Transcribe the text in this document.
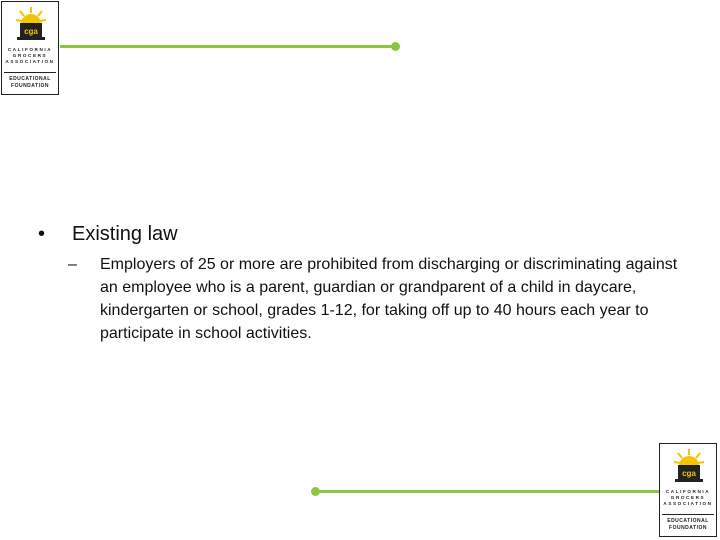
cga
CALIFORNIA
GROCERS
ASSOCIATION
EDUCATIONAL
FOUNDATION
•	Existing law
–	Employers of 25 or more are prohibited from discharging or discriminating against an employee who is a parent, guardian or grandparent of a child in daycare, kindergarten or school, grades 1-12, for taking off up to 40 hours each year to participate in school activities.
cga
CALIFORNIA
GROCERS
ASSOCIATION
EDUCATIONAL
FOUNDATION
